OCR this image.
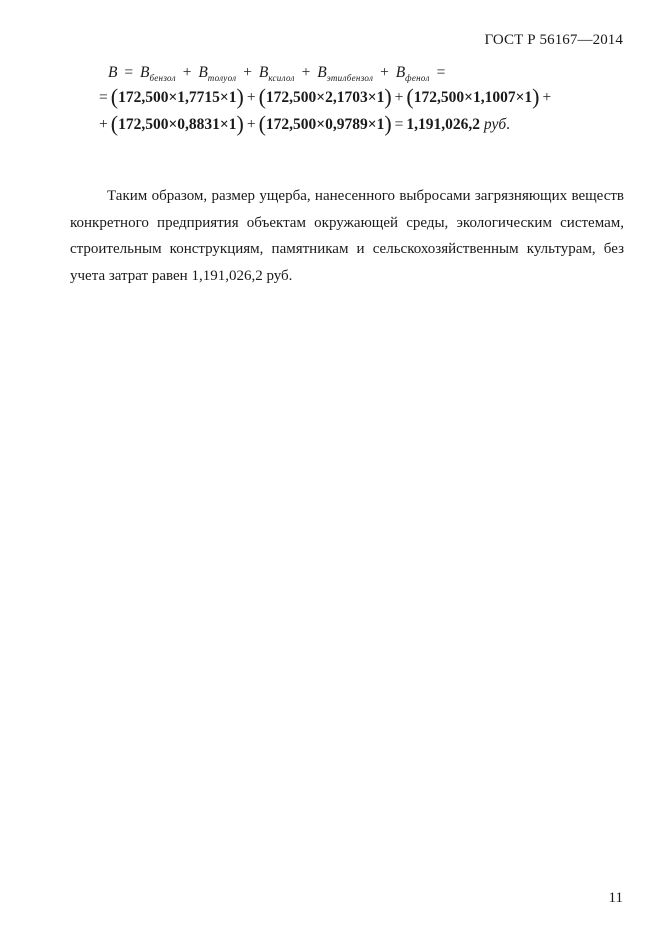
ГОСТ Р 56167—2014
$B = B_{бензол} + B_{толуол} + B_{ксилол} + B_{этилбензол} + B_{фенол}$ =
= (172,500×1,7715×1) + (172,500×2,1703×1) + (172,500×1,1007×1) +
+ (172,500×0,8831×1) + (172,500×0,9789×1) = 1,191,026,2 руб.

Таким образом, размер ущерба, нанесенного выбросами загрязняющих веществ конкретного предприятия объектам окружающей среды, экологическим системам, строительным конструкциям, памятникам и сельскохозяйственным культурам, без учета затрат равен 1,191,026,2 руб.

11
